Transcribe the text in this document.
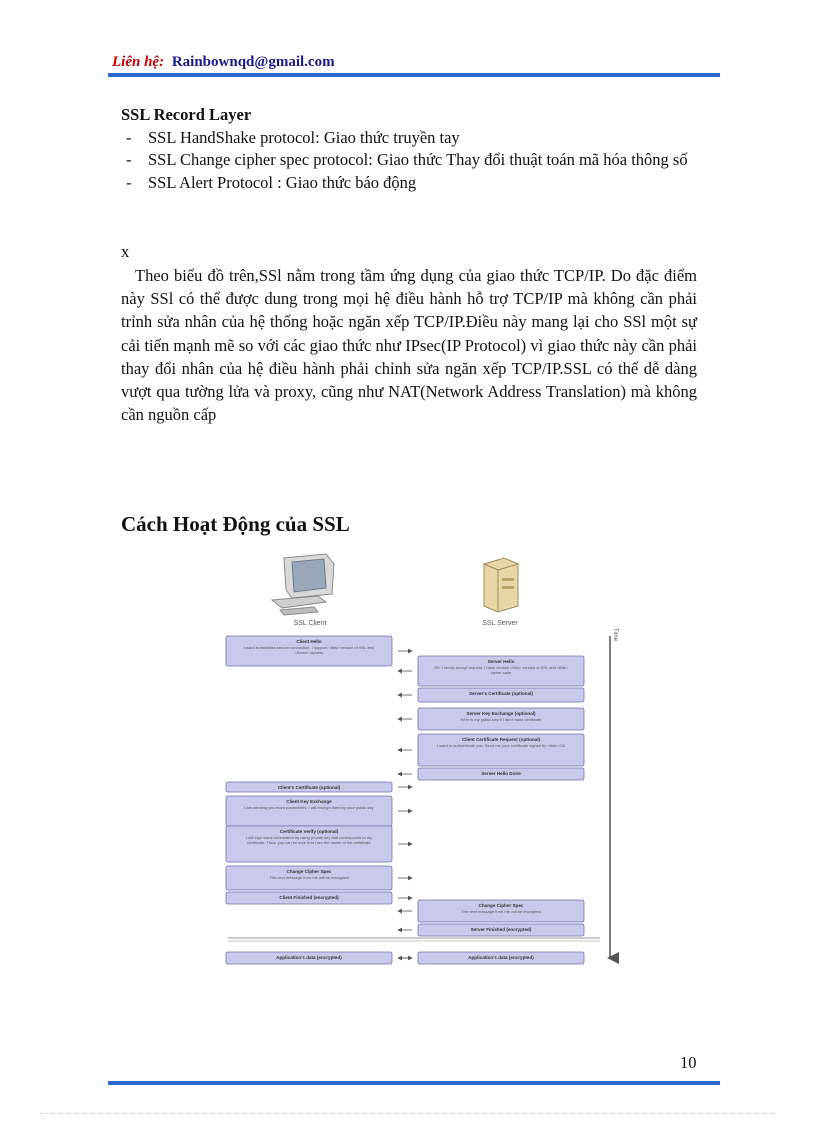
Liên hệ: Rainbownqd@gmail.com
SSL Record Layer
- SSL HandShake protocol: Giao thức truyền tay
- SSL Change cipher spec protocol: Giao thức Thay đổi thuật toán mã hóa thông số
- SSL Alert Protocol : Giao thức báo động
x

Theo biểu đồ trên,SSl nằm trong tầm ứng dụng của giao thức TCP/IP. Do đặc điểm này SSl có thể được dung trong mọi hệ điều hành hỗ trợ TCP/IP mà không cần phải trỉnh sửa nhân của hệ thống hoặc ngăn xếp TCP/IP.Điều này mang lại cho SSl một sự cải tiến mạnh mẽ so với các giao thức như IPsec(IP Protocol) vì giao thức này cần phải thay đổi nhân của hệ điều hành phải chỉnh sửa ngăn xếp TCP/IP.SSL có thể dễ dàng vượt qua tường lửa và proxy, cũng như NAT(Network Address Translation) mà không cần nguồn cấp

Cách Hoạt Động của SSL
SSL Client	SSL Server
Time
Client Hello
I want to establish secure connection. I support <this> version of SSL and <these> ciphers
Client's Certificate (optional)
Client Key Exchange
I am sending you more parameters. I will encrypt them by your public key
Certificate Verify (optional)
I will sign some information by using private key that corresponds to my certificate. Thus, you can be sure that I am the owner of the certificate
Change Cipher Spec
The next message from me will be encrypted
Client Finished (encrypted)
Application's data (encrypted)
Server Hello
OK. I kindly accept request. I have chosen <this> version of SSL and <this> cipher suite
Server's Certificate (optional)
Server Key Exchange (optional)
Here is my public key if I don't have certificate
Client Certificate Request (optional)
I want to authenticate you. Send me your certificate signed by <this> CA
Server Hello Done
Change Cipher Spec
The next message from me will be encrypted
Server Finished (encrypted)
Application's data (encrypted)
10
